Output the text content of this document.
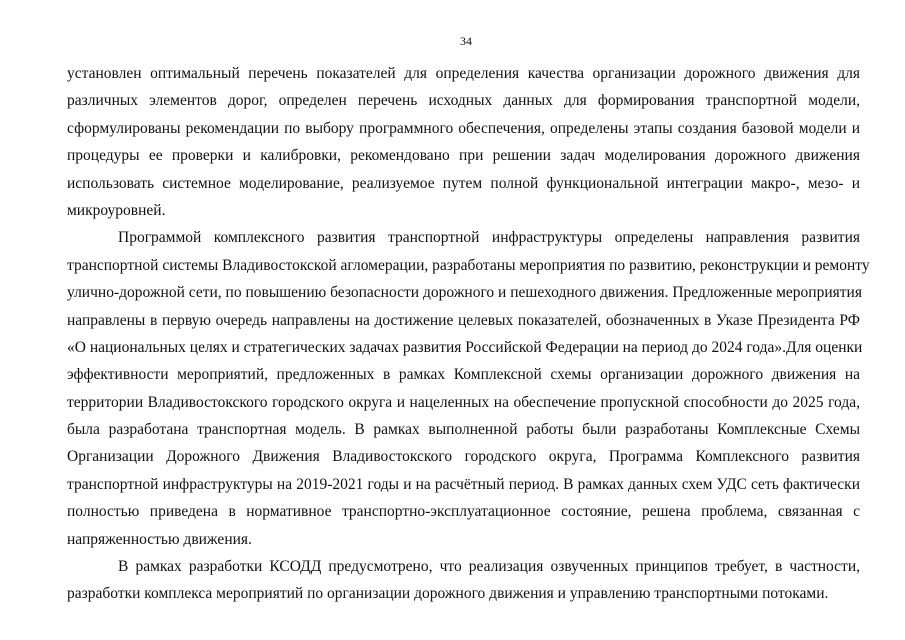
34
установлен оптимальный перечень показателей для определения качества организации дорожного движения для
различных элементов дорог, определен перечень исходных данных для формирования транспортной модели,
сформулированы рекомендации по выбору программного обеспечения, определены этапы создания базовой модели и
процедуры ее проверки и калибровки, рекомендовано при решении задач моделирования дорожного движения
использовать системное моделирование, реализуемое путем полной функциональной интеграции макро-, мезо- и
микроуровней.
Программой комплексного развития транспортной инфраструктуры определены направления развития
транспортной системы Владивостокской агломерации, разработаны мероприятия по развитию, реконструкции и ремонту
улично-дорожной сети, по повышению безопасности дорожного и пешеходного движения. Предложенные мероприятия
направлены в первую очередь направлены на достижение целевых показателей, обозначенных в Указе Президента РФ
«О национальных целях и стратегических задачах развития Российской Федерации на период до 2024 года».Для оценки
эффективности мероприятий, предложенных в рамках Комплексной схемы организации дорожного движения на
территории Владивостокского городского округа и нацеленных на обеспечение пропускной способности до 2025 года,
была разработана транспортная модель. В рамках выполненной работы были разработаны Комплексные Схемы
Организации Дорожного Движения Владивостокского городского округа, Программа Комплексного развития
транспортной инфраструктуры на 2019-2021 годы и на расчётный период. В рамках данных схем УДС сеть фактически
полностью приведена в нормативное транспортно-эксплуатационное состояние, решена проблема, связанная с
напряженностью движения.
В рамках разработки КСОДД предусмотрено, что реализация озвученных принципов требует, в частности,
разработки комплекса мероприятий по организации дорожного движения и управлению транспортными потоками.
